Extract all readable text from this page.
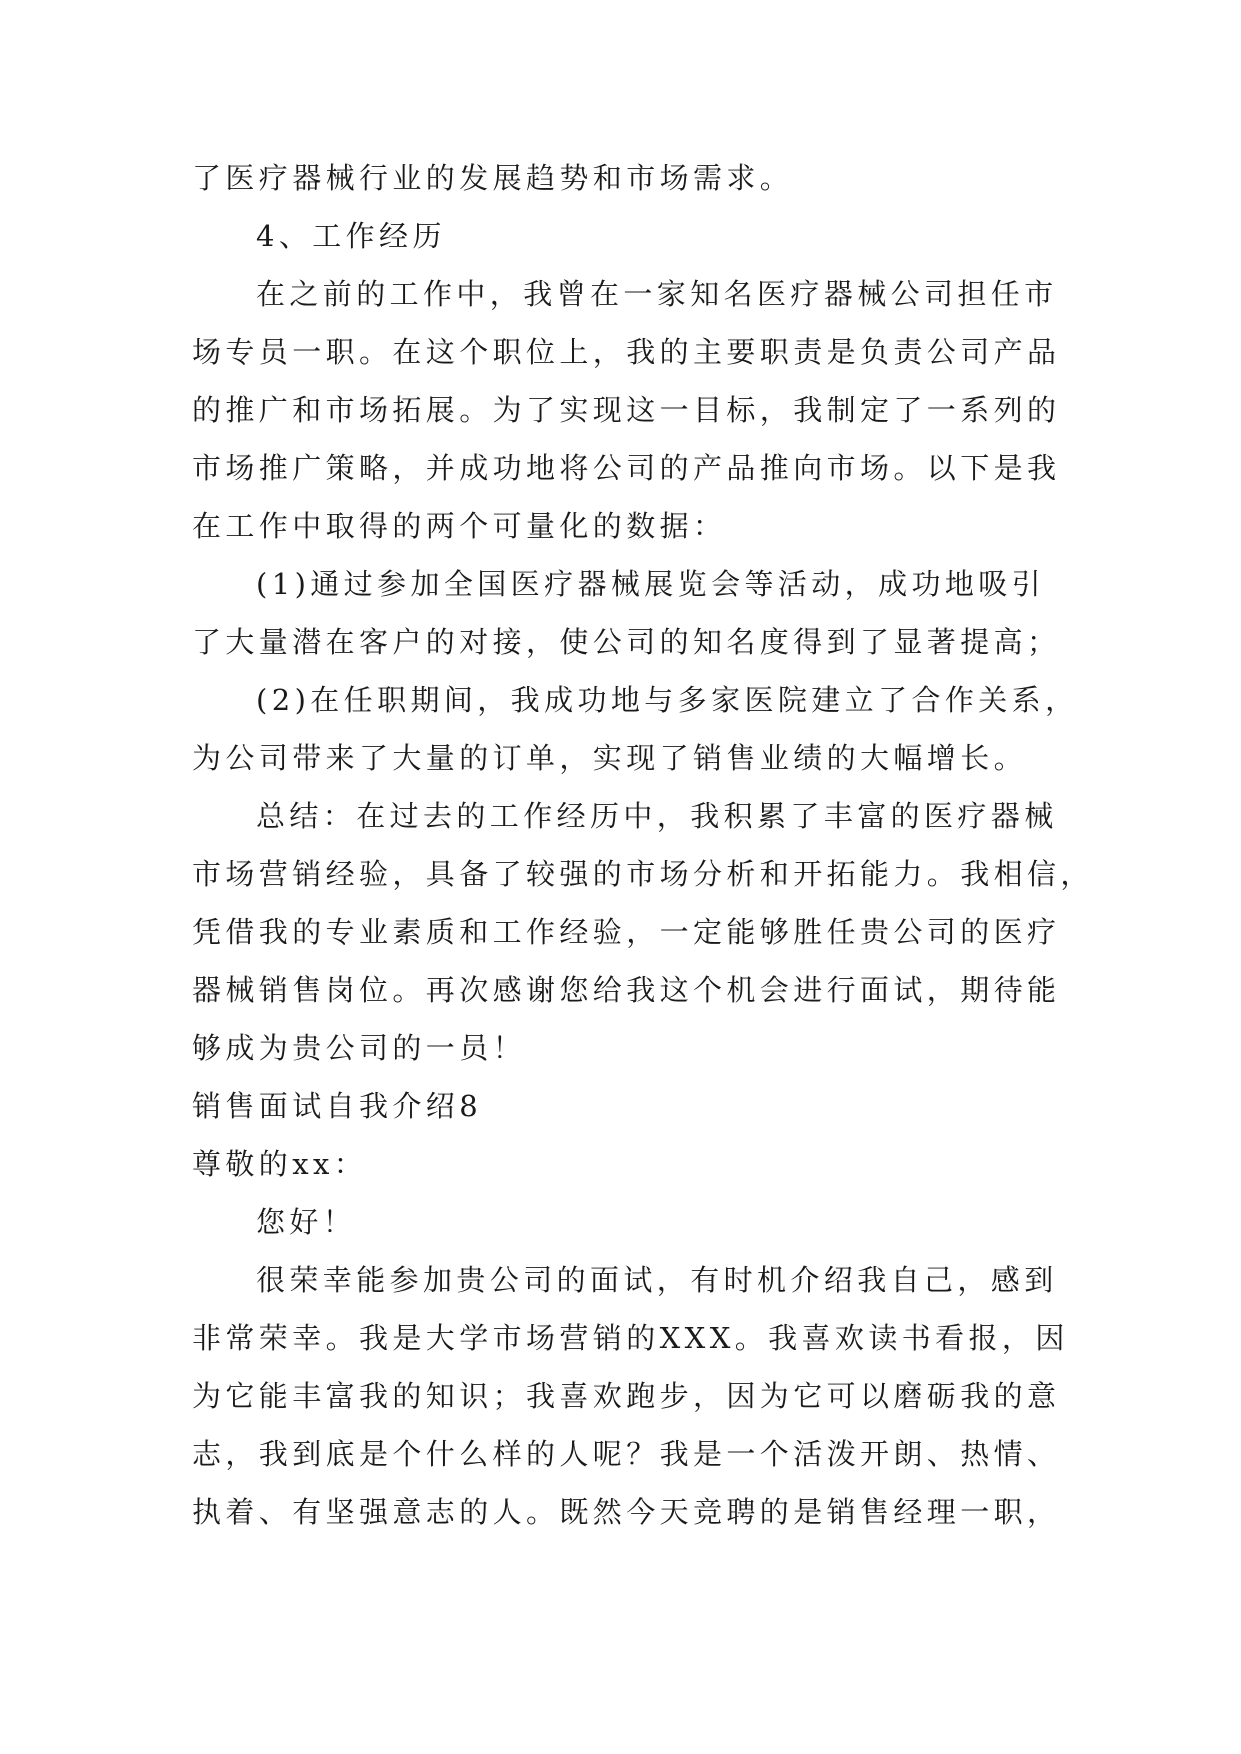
了医疗器械行业的发展趋势和市场需求。

4、工作经历

在之前的工作中，我曾在一家知名医疗器械公司担任市

场专员一职。在这个职位上，我的主要职责是负责公司产品

的推广和市场拓展。为了实现这一目标，我制定了一系列的

市场推广策略，并成功地将公司的产品推向市场。以下是我

在工作中取得的两个可量化的数据：

(1)通过参加全国医疗器械展览会等活动，成功地吸引

了大量潜在客户的对接，使公司的知名度得到了显著提高；

(2)在任职期间，我成功地与多家医院建立了合作关系，

为公司带来了大量的订单，实现了销售业绩的大幅增长。

总结：在过去的工作经历中，我积累了丰富的医疗器械

市场营销经验，具备了较强的市场分析和开拓能力。我相信，

凭借我的专业素质和工作经验，一定能够胜任贵公司的医疗

器械销售岗位。再次感谢您给我这个机会进行面试，期待能

够成为贵公司的一员！

销售面试自我介绍8

尊敬的xx：

您好！

很荣幸能参加贵公司的面试，有时机介绍我自己，感到

非常荣幸。我是大学市场营销的XXX。我喜欢读书看报，因

为它能丰富我的知识；我喜欢跑步，因为它可以磨砺我的意

志，我到底是个什么样的人呢？我是一个活泼开朗、热情、

执着、有坚强意志的人。既然今天竞聘的是销售经理一职，
